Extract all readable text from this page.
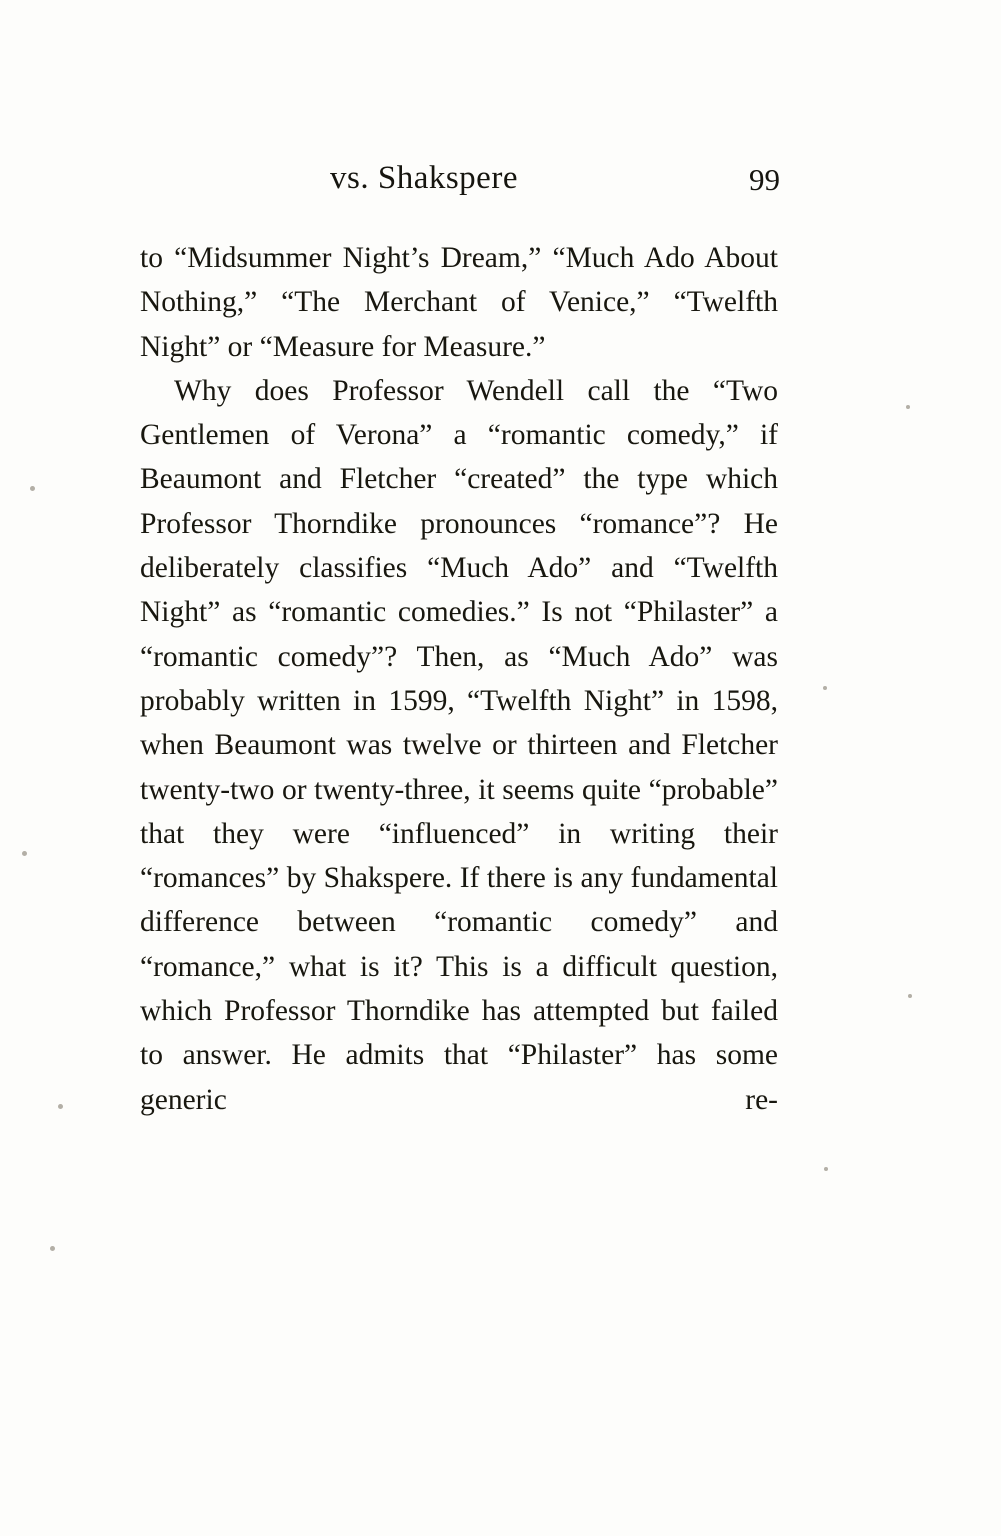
vs. Shakspere	99

to “Midsummer Night’s Dream,” “Much Ado About Nothing,” “The Merchant of Venice,” “Twelfth Night” or “Measure for Measure.”

Why does Professor Wendell call the “Two Gentlemen of Verona” a “romantic comedy,” if Beaumont and Fletcher “created” the type which Professor Thorndike pronounces “romance”? He deliberately classifies “Much Ado” and “Twelfth Night” as “romantic comedies.” Is not “Philaster” a “romantic comedy”? Then, as “Much Ado” was probably written in 1599, “Twelfth Night” in 1598, when Beaumont was twelve or thirteen and Fletcher twenty-two or twenty-three, it seems quite “probable” that they were “influenced” in writing their “romances” by Shakspere. If there is any fundamental difference between “romantic comedy” and “romance,” what is it? This is a difficult question, which Professor Thorndike has attempted but failed to answer. He admits that “Philaster” has some generic re-
